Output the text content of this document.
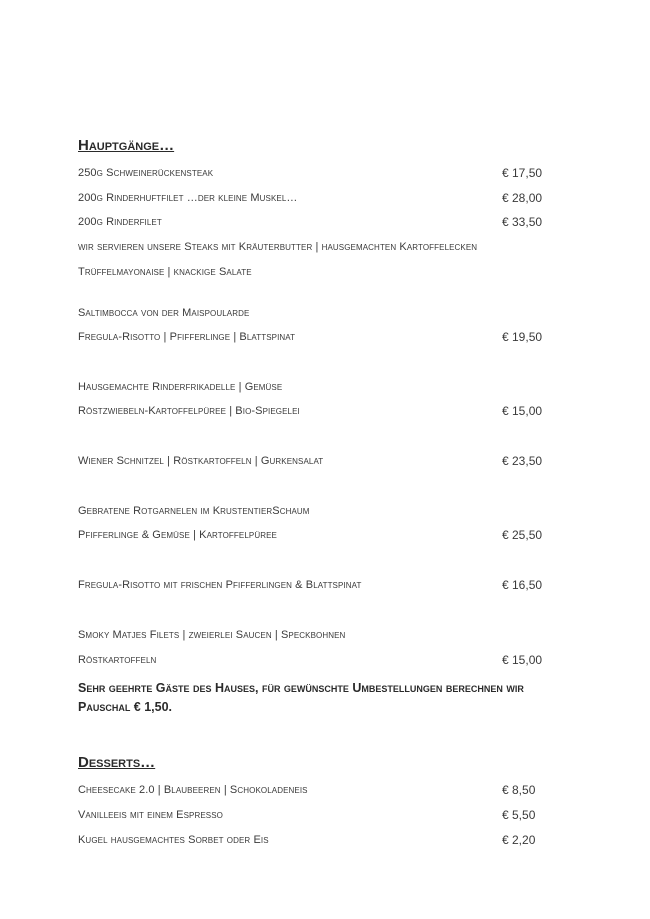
Hauptgänge…
250g Schweinerückensteak	€ 17,50
200g Rinderhuftfilet …der kleine Muskel…	€ 28,00
200g Rinderfilet	€ 33,50
wir servieren unsere Steaks mit Kräuterbutter | hausgemachten Kartoffelecken
Trüffelmayonaise | knackige Salate
Saltimbocca von der Maispoularde
Fregula-Risotto | Pfifferlinge | Blattspinat	€ 19,50
Hausgemachte Rinderfrikadelle | Gemüse
Röstzwiebeln-Kartoffelpüree | Bio-Spiegelei	€ 15,00
Wiener Schnitzel | Röstkartoffeln | Gurkensalat	€ 23,50
Gebratene Rotgarnelen im KrustentierSchaum
Pfifferlinge & Gemüse | Kartoffelpüree	€ 25,50
Fregula-Risotto mit frischen Pfifferlingen & Blattspinat	€ 16,50
Smoky Matjes Filets | zweierlei Saucen | Speckbohnen
Röstkartoffeln	€ 15,00
Sehr geehrte Gäste des Hauses, für gewünschte Umbestellungen berechnen wir Pauschal € 1,50.
Desserts…
Cheesecake 2.0 | Blaubeeren | Schokoladeneis	€ 8,50
Vanilleeis mit einem Espresso	€ 5,50
Kugel hausgemachtes Sorbet oder Eis	€ 2,20
